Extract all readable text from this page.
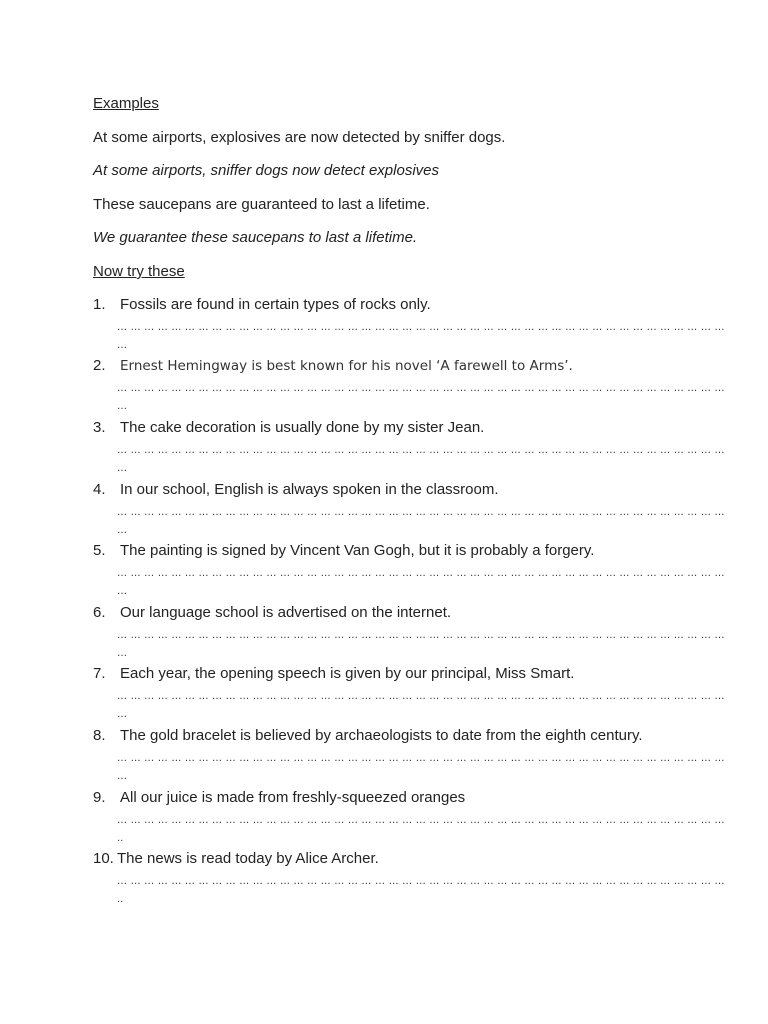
Examples
At some airports, explosives are now detected by sniffer dogs.
At some airports, sniffer dogs now detect explosives
These saucepans are guaranteed to last a lifetime.
We guarantee these saucepans to last a lifetime.
Now try these
1. Fossils are found in certain types of rocks only.
… … … … … … … … … … … … … … … … … … … … … … … … … … … … … … … … … … … … … … … … … … … … …
…
2. Ernest Hemingway is best known for his novel ‘A farewell to Arms’.
… … … … … … … … … … … … … … … … … … … … … … … … … … … … … … … … … … … … … … … … … … … … …
…
3. The cake decoration is usually done by my sister Jean.
… … … … … … … … … … … … … … … … … … … … … … … … … … … … … … … … … … … … … … … … … … … … …
…
4. In our school, English is always spoken in the classroom.
… … … … … … … … … … … … … … … … … … … … … … … … … … … … … … … … … … … … … … … … … … … … …
…
5. The painting is signed by Vincent Van Gogh, but it is probably a forgery.
… … … … … … … … … … … … … … … … … … … … … … … … … … … … … … … … … … … … … … … … … … … … …
…
6. Our language school is advertised on the internet.
… … … … … … … … … … … … … … … … … … … … … … … … … … … … … … … … … … … … … … … … … … … … …
…
7. Each year, the opening speech is given by our principal, Miss Smart.
… … … … … … … … … … … … … … … … … … … … … … … … … … … … … … … … … … … … … … … … … … … … …
…
8. The gold bracelet is believed by archaeologists to date from the eighth century.
… … … … … … … … … … … … … … … … … … … … … … … … … … … … … … … … … … … … … … … … … … … … …
…
9. All our juice is made from freshly-squeezed oranges
… … … … … … … … … … … … … … … … … … … … … … … … … … … … … … … … … … … … … … … … … … … … …
..
10. The news is read today by Alice Archer.
… … … … … … … … … … … … … … … … … … … … … … … … … … … … … … … … … … … … … … … … … … … … …
..
